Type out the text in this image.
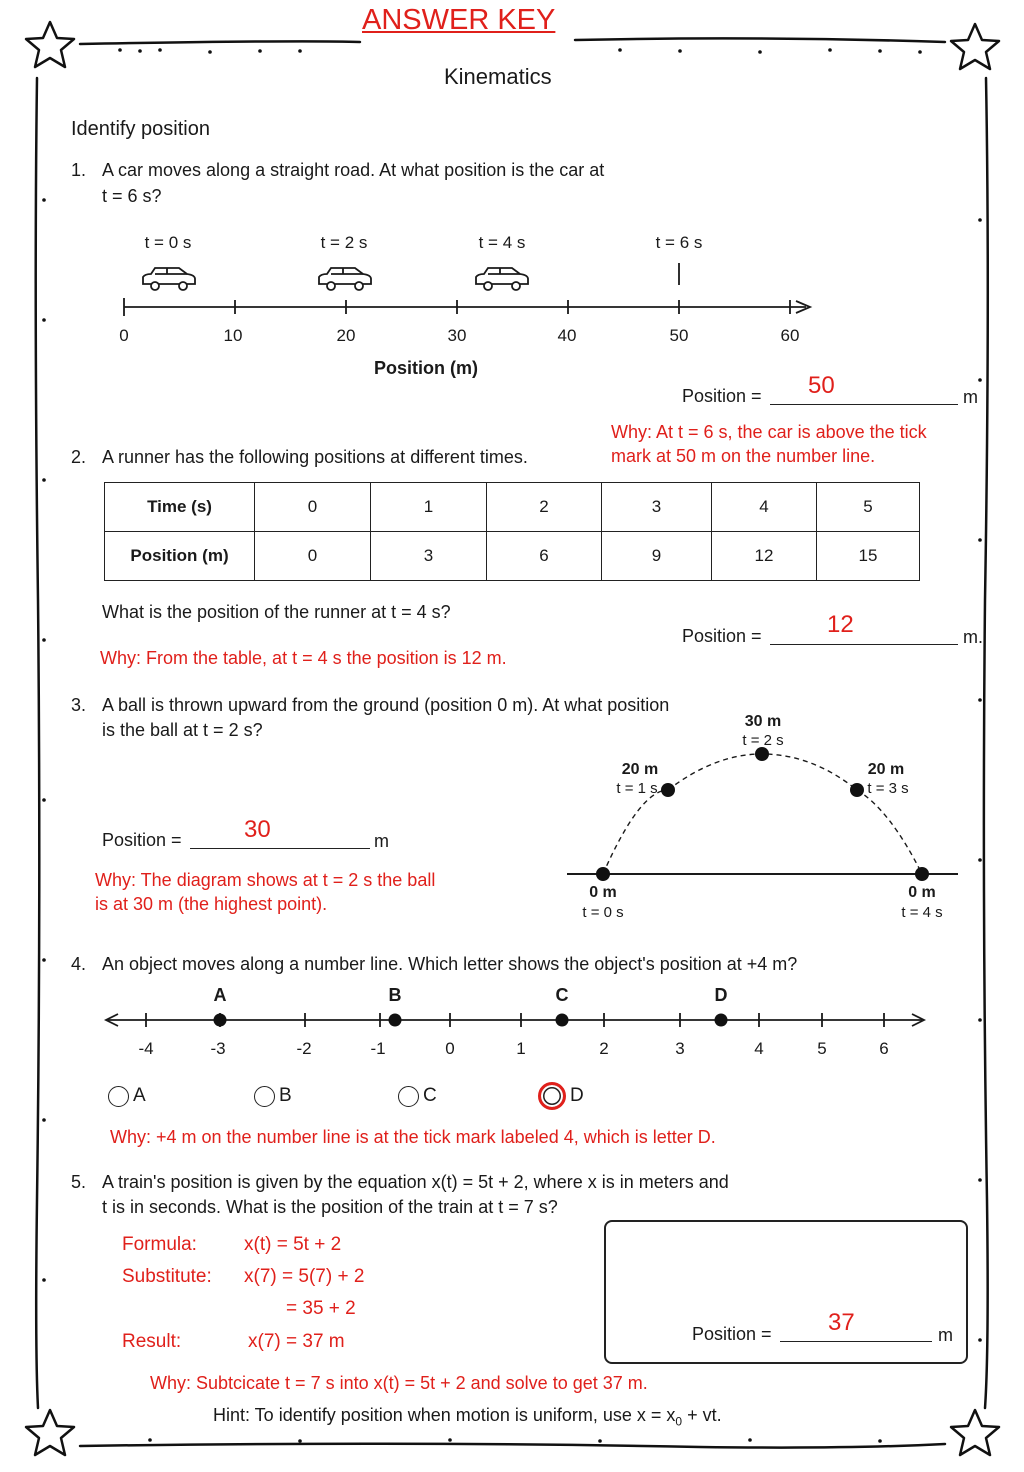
ANSWER KEY
Kinematics
Identify position
1. A car moves along a straight road. At what position is the car at
t = 6 s?
t = 0 s	t = 2 s	t = 4 s	t = 6 s
0	10	20	30	40	50	60
Position (m)
Position = 50	m
Why: At t = 6 s, the car is above the tick
mark at 50 m on the number line.
2. A runner has the following positions at different times.
Time (s)	0	1	2	3	4	5
Position (m)	0	3	6	9	12	15
What is the position of the runner at t = 4 s?
Position =	12	m.
Why: From the table, at t = 4 s the position is 12 m.
3. A ball is thrown upward from the ground (position 0 m). At what position
is the ball at t = 2 s?
Position =	30	m
Why: The diagram shows at t = 2 s the ball
is at 30 m (the highest point).
0 m
t = 0 s
20 m
t = 1 s
30 m
t = 2 s
20 m
t = 3 s
0 m
t = 4 s
4. An object moves along a number line. Which letter shows the object's position at +4 m?
A	B	C	D
-4	-3	-2	-1	0	1	2	3	4	5	6
A	B	C	D
Why: +4 m on the number line is at the tick mark labeled 4, which is letter D.
5. A train's position is given by the equation x(t) = 5t + 2, where x is in meters and
t is in seconds. What is the position of the train at t = 7 s?
Formula: x(t) = 5t + 2
Substitute: x(7) = 5(7) + 2
= 35 + 2
Result:	x(7) = 37 m	Position = 37	m
Why: Subtcicate t = 7 s into x(t) = 5t + 2 and solve to get 37 m.
Hint: To identify position when motion is uniform, use $x = x_0$ + vt.
